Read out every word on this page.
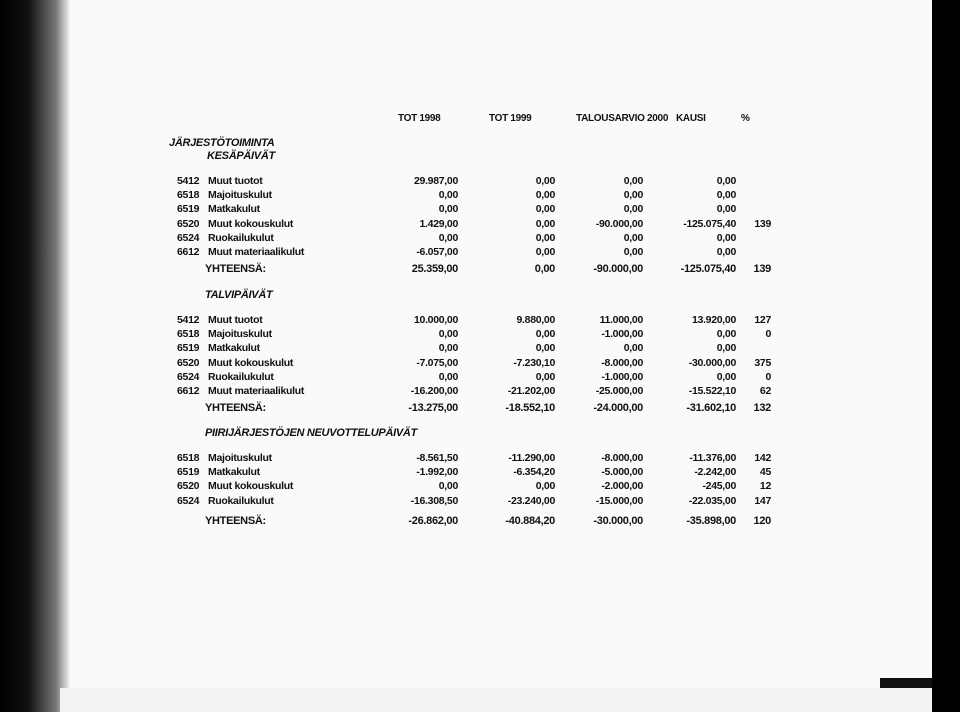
TOT 1998	TOT 1999	TALOUSARVIO 2000 KAUSI	%
JÄRJESTÖTOIMINTA
KESÄPÄIVÄT
TALVIPÄIVÄT
PIIRIJÄRJESTÖJEN NEUVOTTELUPÄIVÄT
5412 Muut tuotot	29.987,00	0,00	0,00	0,00
6518 Majoituskulut	0,00	0,00	0,00	0,00
6519 Matkakulut	0,00	0,00	0,00	0,00
6520 Muut kokouskulut	1.429,00	0,00	-90.000,00	-125.075,40 139
6524 Ruokailukulut	0,00	0,00	0,00	0,00
6612 Muut materiaalikulut	-6.057,00	0,00	0,00	0,00
YHTEENSÄ:	25.359,00	0,00	-90.000,00	-125.075,40 139
5412 Muut tuotot	10.000,00	9.880,00	11.000,00	13.920,00 127
6518 Majoituskulut	0,00	0,00	-1.000,00	0,00	0
6519 Matkakulut	0,00	0,00	0,00	0,00
6520 Muut kokouskulut	-7.075,00	-7.230,10	-8.000,00	-30.000,00 375
6524 Ruokailukulut	0,00	0,00	-1.000,00	0,00	0
6612 Muut materiaalikulut	-16.200,00	-21.202,00	-25.000,00	-15.522,10 62
YHTEENSÄ:	-13.275,00	-18.552,10	-24.000,00	-31.602,10 132
6518 Majoituskulut	-8.561,50	-11.290,00	-8.000,00	-11.376,00 142
6519 Matkakulut	-1.992,00	-6.354,20	-5.000,00	-2.242,00 45
6520 Muut kokouskulut	0,00	0,00	-2.000,00	-245,00 12
6524 Ruokailukulut	-16.308,50	-23.240,00	-15.000,00	-22.035,00 147
YHTEENSÄ:	-26.862,00	-40.884,20	-30.000,00	-35.898,00 120
